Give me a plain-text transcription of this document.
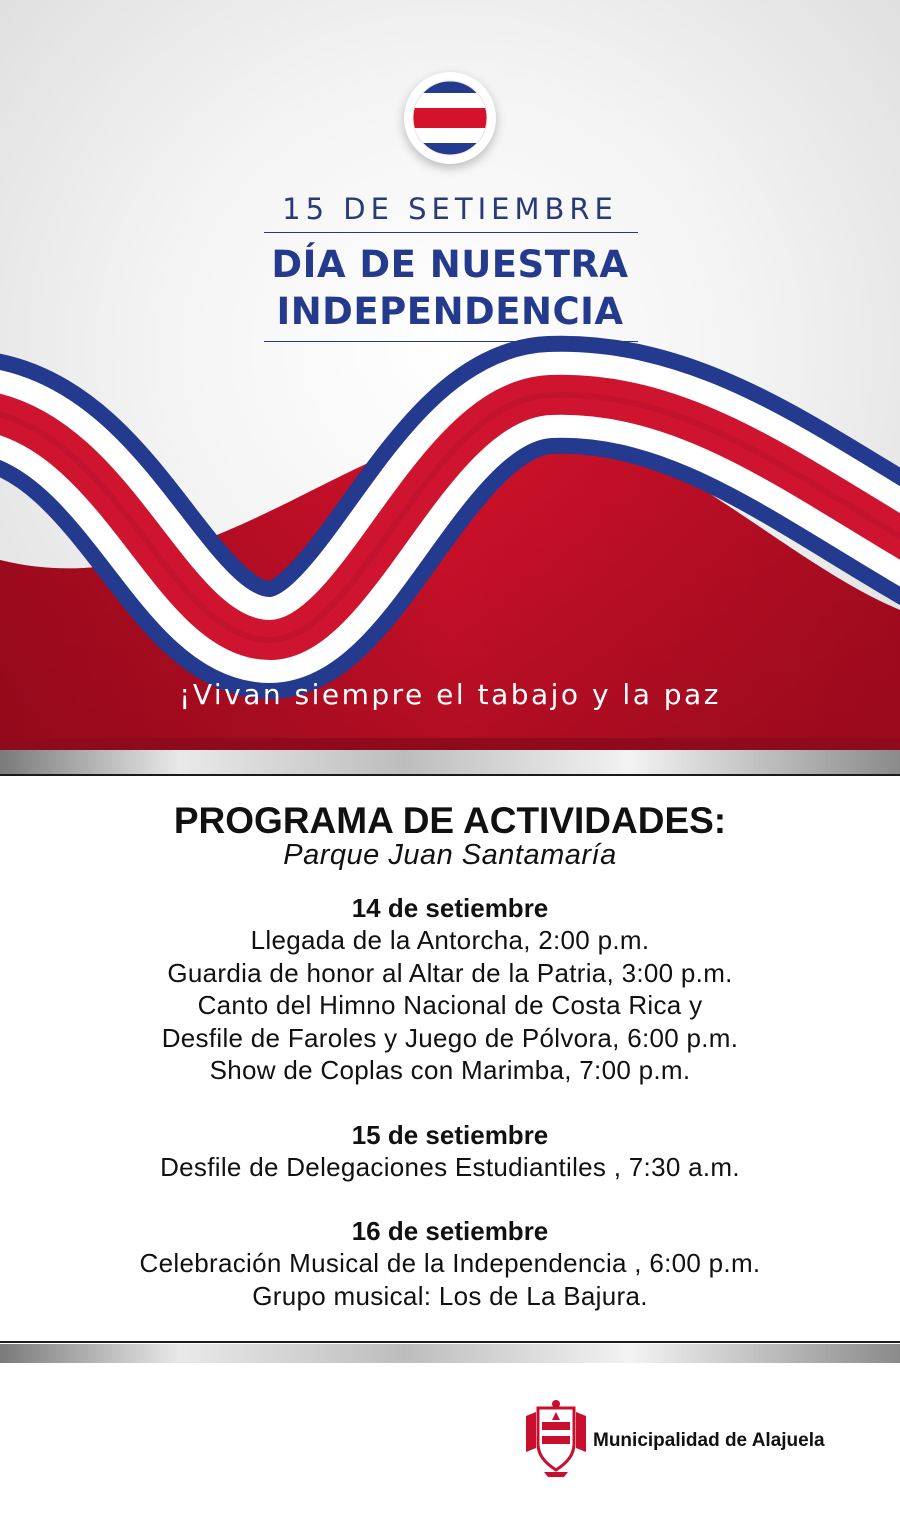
15 DE SETIEMBRE
DÍA DE NUESTRA
INDEPENDENCIA
¡Vivan siempre el tabajo y la paz
PROGRAMA DE ACTIVIDADES:
Parque Juan Santamaría
14 de setiembre
Llegada de la Antorcha, 2:00 p.m.
Guardia de honor al Altar de la Patria, 3:00 p.m.
Canto del Himno Nacional de Costa Rica y
Desfile de Faroles y Juego de Pólvora, 6:00 p.m.
Show de Coplas con Marimba, 7:00 p.m.
15 de setiembre
Desfile de Delegaciones Estudiantiles , 7:30 a.m.
16 de setiembre
Celebración Musical de la Independencia , 6:00 p.m.
Grupo musical: Los de La Bajura.
Municipalidad de Alajuela
